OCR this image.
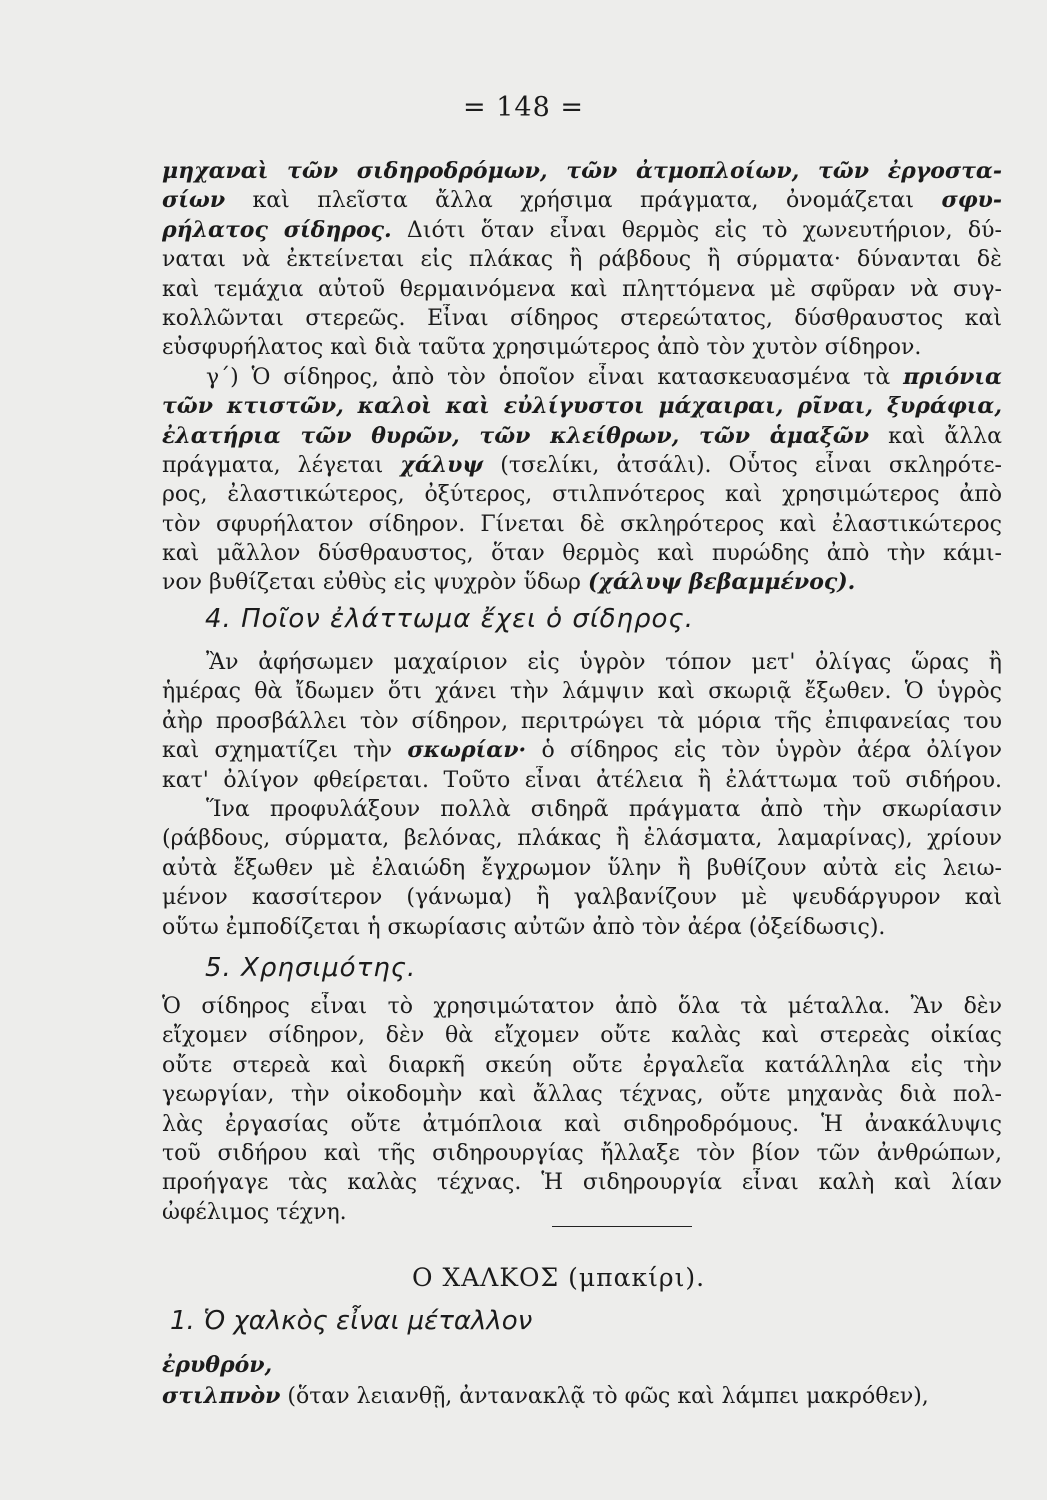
= 148 =
μηχαναὶ τῶν σιδηροδρόμων, τῶν ἀτμοπλοίων, τῶν ἐργοστα-
σίων καὶ πλεῖστα ἄλλα χρήσιμα πράγματα, ὀνομάζεται σφυ-
ρήλατος σίδηρος. Διότι ὅταν εἶναι θερμὸς εἰς τὸ χωνευτήριον, δύ-
ναται νὰ ἐκτείνεται εἰς πλάκας ἢ ράβδους ἢ σύρματα· δύνανται δὲ
καὶ τεμάχια αὐτοῦ θερμαινόμενα καὶ πληττόμενα μὲ σφῦραν νὰ συγ-
κολλῶνται στερεῶς. Εἶναι σίδηρος στερεώτατος, δύσθραυστος καὶ
εὐσφυρήλατος καὶ διὰ ταῦτα χρησιμώτερος ἀπὸ τὸν χυτὸν σίδηρον.
γ΄) Ὁ σίδηρος, ἀπὸ τὸν ὁποῖον εἶναι κατασκευασμένα τὰ πριόνια
τῶν κτιστῶν, καλοὶ καὶ εὐλίγυστοι μάχαιραι, ρῖναι, ξυράφια,
ἐλατήρια τῶν θυρῶν, τῶν κλείθρων, τῶν ἁμαξῶν καὶ ἄλλα
πράγματα, λέγεται χάλυψ (τσελίκι, ἀτσάλι). Οὗτος εἶναι σκληρότε-
ρος, ἐλαστικώτερος, ὀξύτερος, στιλπνότερος καὶ χρησιμώτερος ἀπὸ
τὸν σφυρήλατον σίδηρον. Γίνεται δὲ σκληρότερος καὶ ἐλαστικώτερος
καὶ μᾶλλον δύσθραυστος, ὅταν θερμὸς καὶ πυρώδης ἀπὸ τὴν κάμι-
νον βυθίζεται εὐθὺς εἰς ψυχρὸν ὕδωρ (χάλυψ βεβαμμένος).
4. Ποῖον ἐλάττωμα ἔχει ὁ σίδηρος.
Ἂν ἀφήσωμεν μαχαίριον εἰς ὑγρὸν τόπον μετ' ὀλίγας ὥρας ἢ
ἡμέρας θὰ ἴδωμεν ὅτι χάνει τὴν λάμψιν καὶ σκωριᾷ ἔξωθεν. Ὁ ὑγρὸς
ἀὴρ προσβάλλει τὸν σίδηρον, περιτρώγει τὰ μόρια τῆς ἐπιφανείας του
καὶ σχηματίζει τὴν σκωρίαν· ὁ σίδηρος εἰς τὸν ὑγρὸν ἀέρα ὀλίγον
κατ' ὀλίγον φθείρεται. Τοῦτο εἶναι ἀτέλεια ἢ ἐλάττωμα τοῦ σιδήρου.
Ἵνα προφυλάξουν πολλὰ σιδηρᾶ πράγματα ἀπὸ τὴν σκωρίασιν
(ράβδους, σύρματα, βελόνας, πλάκας ἢ ἐλάσματα, λαμαρίνας), χρίουν
αὐτὰ ἔξωθεν μὲ ἐλαιώδη ἔγχρωμον ὕλην ἢ βυθίζουν αὐτὰ εἰς λειω-
μένον κασσίτερον (γάνωμα) ἢ γαλβανίζουν μὲ ψευδάργυρον καὶ
οὕτω ἐμποδίζεται ἡ σκωρίασις αὐτῶν ἀπὸ τὸν ἀέρα (ὀξείδωσις).
5. Χρησιμότης.
Ὁ σίδηρος εἶναι τὸ χρησιμώτατον ἀπὸ ὅλα τὰ μέταλλα. Ἂν δὲν
εἴχομεν σίδηρον, δὲν θὰ εἴχομεν οὔτε καλὰς καὶ στερεὰς οἰκίας
οὔτε στερεὰ καὶ διαρκῆ σκεύη οὔτε ἐργαλεῖα κατάλληλα εἰς τὴν
γεωργίαν, τὴν οἰκοδομὴν καὶ ἄλλας τέχνας, οὔτε μηχανὰς διὰ πολ-
λὰς ἐργασίας οὔτε ἀτμόπλοια καὶ σιδηροδρόμους. Ἡ ἀνακάλυψις
τοῦ σιδήρου καὶ τῆς σιδηρουργίας ἤλλαξε τὸν βίον τῶν ἀνθρώπων,
προήγαγε τὰς καλὰς τέχνας. Ἡ σιδηρουργία εἶναι καλὴ καὶ λίαν
ὠφέλιμος τέχνη.
Ο ΧΑΛΚΟΣ (μπακίρι).
1. Ὁ χαλκὸς εἶναι μέταλλον
ἐρυθρόν,
στιλπνὸν (ὅταν λειανθῇ, ἀντανακλᾷ τὸ φῶς καὶ λάμπει μακρόθεν),
